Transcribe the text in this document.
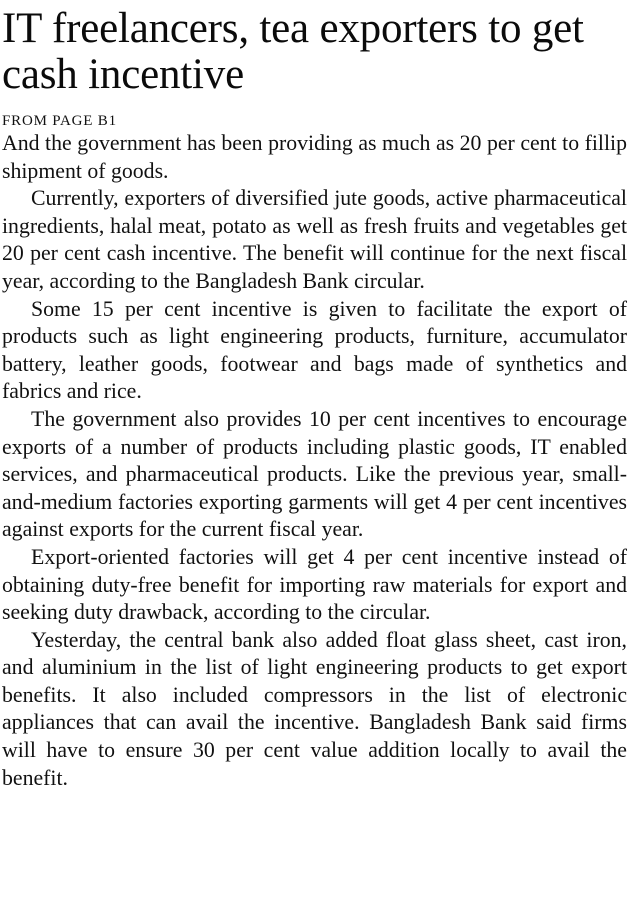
IT freelancers, tea exporters to get cash incentive
FROM PAGE B1

And the government has been providing as much as 20 per cent to fillip shipment of goods.

Currently, exporters of diversified jute goods, active pharmaceutical ingredients, halal meat, potato as well as fresh fruits and vegetables get 20 per cent cash incentive. The benefit will continue for the next fiscal year, according to the Bangladesh Bank circular.

Some 15 per cent incentive is given to facilitate the export of products such as light engineering products, furniture, accumulator battery, leather goods, footwear and bags made of synthetics and fabrics and rice.

The government also provides 10 per cent incentives to encourage exports of a number of products including plastic goods, IT enabled services, and pharmaceutical products. Like the previous year, small-and-medium factories exporting garments will get 4 per cent incentives against exports for the current fiscal year.

Export-oriented factories will get 4 per cent incentive instead of obtaining duty-free benefit for importing raw materials for export and seeking duty drawback, according to the circular.

Yesterday, the central bank also added float glass sheet, cast iron, and aluminium in the list of light engineering products to get export benefits. It also included compressors in the list of electronic appliances that can avail the incentive. Bangladesh Bank said firms will have to ensure 30 per cent value addition locally to avail the benefit.
